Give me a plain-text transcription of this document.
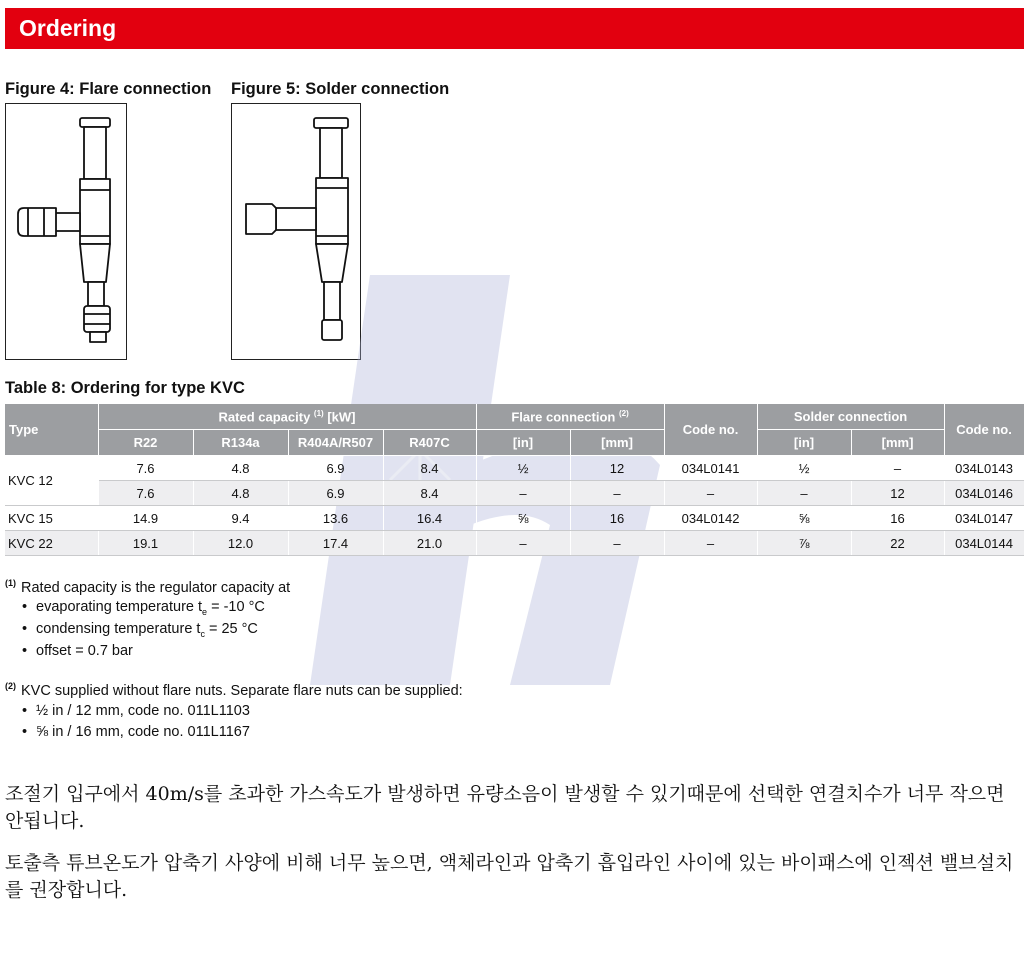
Ordering
Figure 4: Flare connection Figure 5: Solder connection
Table 8: Ordering for type KVC
Type	Rated capacity $^{(1)}$ [kW]				Flare connection $^{(2)}$		Code no.	Solder connection		Code no.
	R22	R134a	R404A/R507	R407C	[in]	[mm]		[in]	[mm]	
KVC 12	7.6	4.8	6.9	8.4	½	12	034L0141	½	–	034L0143
	7.6	4.8	6.9	8.4	–	–	–	–	12	034L0146
KVC 15	14.9	9.4	13.6	16.4	⅝	16	034L0142	⅝	16	034L0147
KVC 22	19.1	12.0	17.4	21.0	–	–	–	⅞	22	034L0144
$^{(1)}$ Rated capacity is the regulator capacity at
• evaporating temperature $t_e = -10$ °C
• condensing temperature $t_c = 25$ °C
• offset = 0.7 bar
$^{(2)}$ KVC supplied without flare nuts. Separate flare nuts can be supplied:
• ½ in / 12 mm, code no. 011L1103
• ⅝ in / 16 mm, code no. 011L1167
조절기 입구에서 40m/s를 초과한 가스속도가 발생하면 유량소음이 발생할 수 있기때문에 선택한 연결치수가 너무 작으면 안됩니다.
토출측 튜브온도가 압축기 사양에 비해 너무 높으면, 액체라인과 압축기 흡입라인 사이에 있는 바이패스에 인젝션 밸브설치를 권장합니다.
